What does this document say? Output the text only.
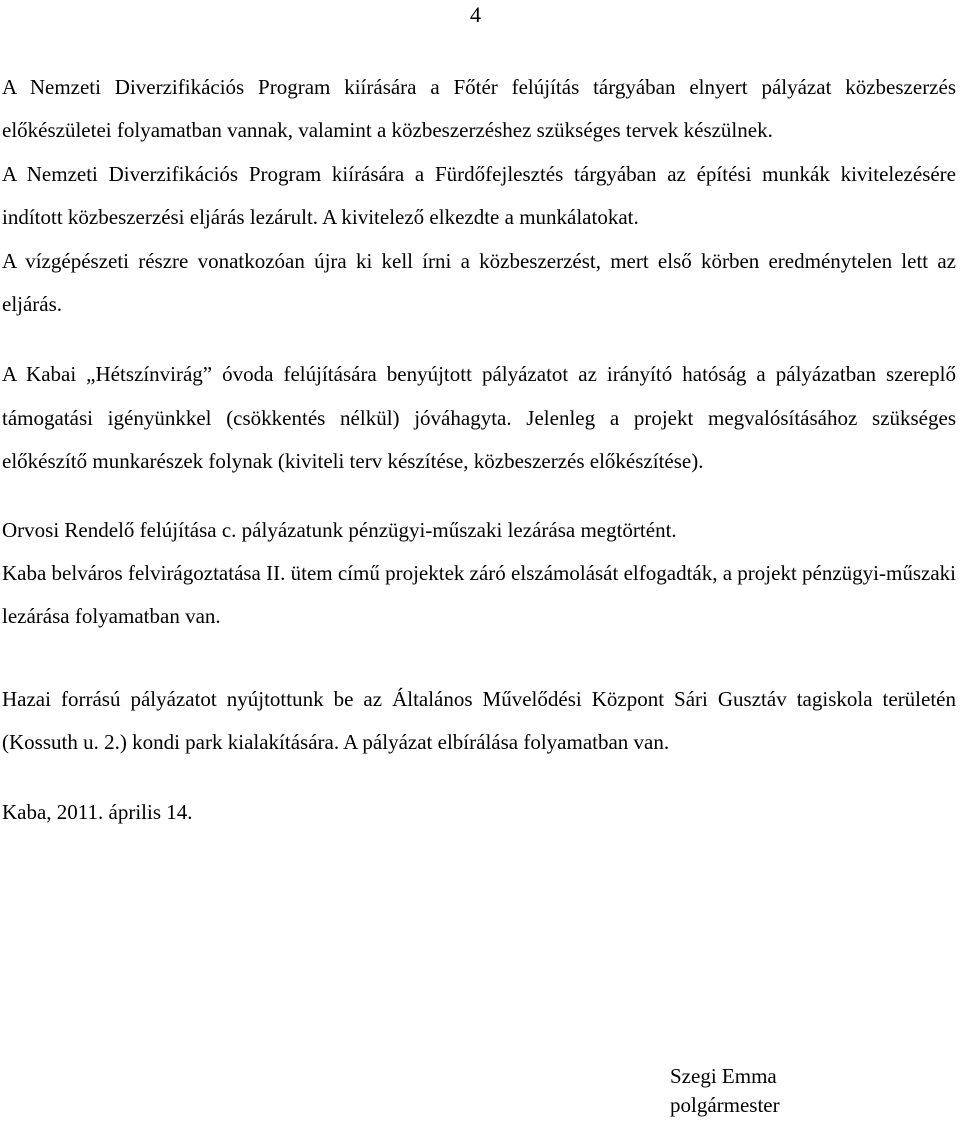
4

A Nemzeti Diverzifikációs Program kiírására a Főtér felújítás tárgyában elnyert pályázat közbeszerzés előkészületei folyamatban vannak, valamint a közbeszerzéshez szükséges tervek készülnek.

A Nemzeti Diverzifikációs Program kiírására a Fürdőfejlesztés tárgyában az építési munkák kivitelezésére indított közbeszerzési eljárás lezárult. A kivitelező elkezdte a munkálatokat.

A vízgépészeti részre vonatkozóan újra ki kell írni a közbeszerzést, mert első körben eredménytelen lett az eljárás.

A Kabai „Hétszínvirág” óvoda felújítására benyújtott pályázatot az irányító hatóság a pályázatban szereplő támogatási igényünkkel (csökkentés nélkül) jóváhagyta. Jelenleg a projekt megvalósításához szükséges előkészítő munkarészek folynak (kiviteli terv készítése, közbeszerzés előkészítése).

Orvosi Rendelő felújítása c. pályázatunk pénzügyi-műszaki lezárása megtörtént.

Kaba belváros felvirágoztatása II. ütem című projektek záró elszámolását elfogadták, a projekt pénzügyi-műszaki lezárása folyamatban van.

Hazai forrású pályázatot nyújtottunk be az Általános Művelődési Központ Sári Gusztáv tagiskola területén (Kossuth u. 2.) kondi park kialakítására. A pályázat elbírálása folyamatban van.

Kaba, 2011. április 14.

Szegi Emma
polgármester
